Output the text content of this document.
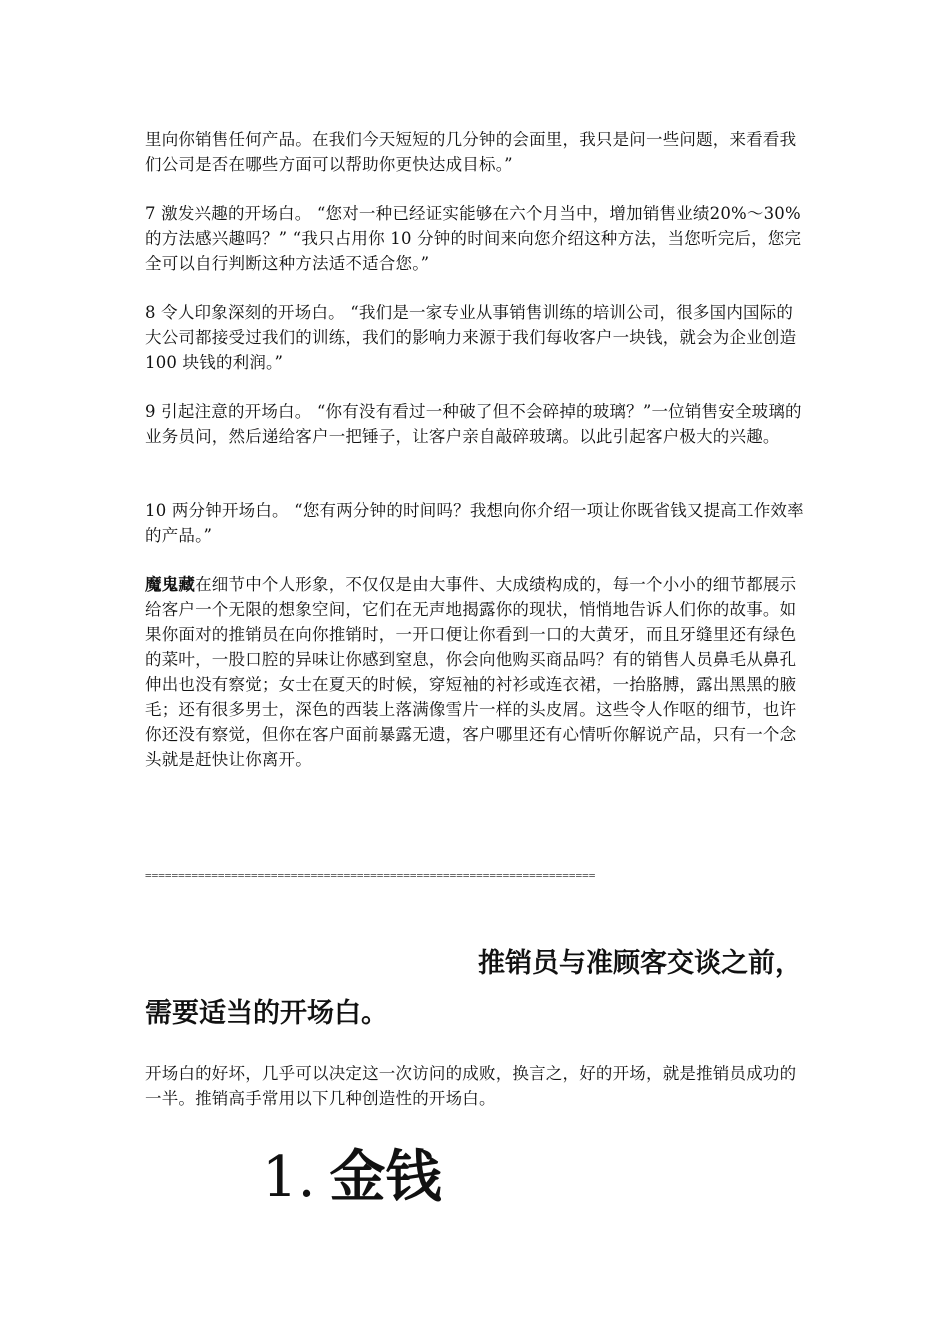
里向你销售任何产品。在我们今天短短的几分钟的会面里，我只是问一些问题，来看看我们公司是否在哪些方面可以帮助你更快达成目标。”

7 激发兴趣的开场白。 “您对一种已经证实能够在六个月当中，增加销售业绩20%～30%的方法感兴趣吗？” “我只占用你 10 分钟的时间来向您介绍这种方法，当您听完后，您完全可以自行判断这种方法适不适合您。”

8 令人印象深刻的开场白。 “我们是一家专业从事销售训练的培训公司，很多国内国际的大公司都接受过我们的训练，我们的影响力来源于我们每收客户一块钱，就会为企业创造 100 块钱的利润。”

9 引起注意的开场白。 “你有没有看过一种破了但不会碎掉的玻璃？”一位销售安全玻璃的业务员问，然后递给客户一把锤子，让客户亲自敲碎玻璃。以此引起客户极大的兴趣。

10 两分钟开场白。 “您有两分钟的时间吗？我想向你介绍一项让你既省钱又提高工作效率的产品。”

魔鬼藏在细节中个人形象，不仅仅是由大事件、大成绩构成的，每一个小小的细节都展示给客户一个无限的想象空间，它们在无声地揭露你的现状，悄悄地告诉人们你的故事。如果你面对的推销员在向你推销时，一开口便让你看到一口的大黄牙，而且牙缝里还有绿色的菜叶，一股口腔的异味让你感到窒息，你会向他购买商品吗？有的销售人员鼻毛从鼻孔伸出也没有察觉；女士在夏天的时候，穿短袖的衬衫或连衣裙，一抬胳膊，露出黑黑的腋毛；还有很多男士，深色的西装上落满像雪片一样的头皮屑。这些令人作呕的细节，也许你还没有察觉，但你在客户面前暴露无遗，客户哪里还有心情听你解说产品，只有一个念头就是赶快让你离开。

====================================================================

推销员与准顾客交谈之前，
需要适当的开场白。

开场白的好坏，几乎可以决定这一次访问的成败，换言之，好的开场，就是推销员成功的一半。推销高手常用以下几种创造性的开场白。

1. 金钱
